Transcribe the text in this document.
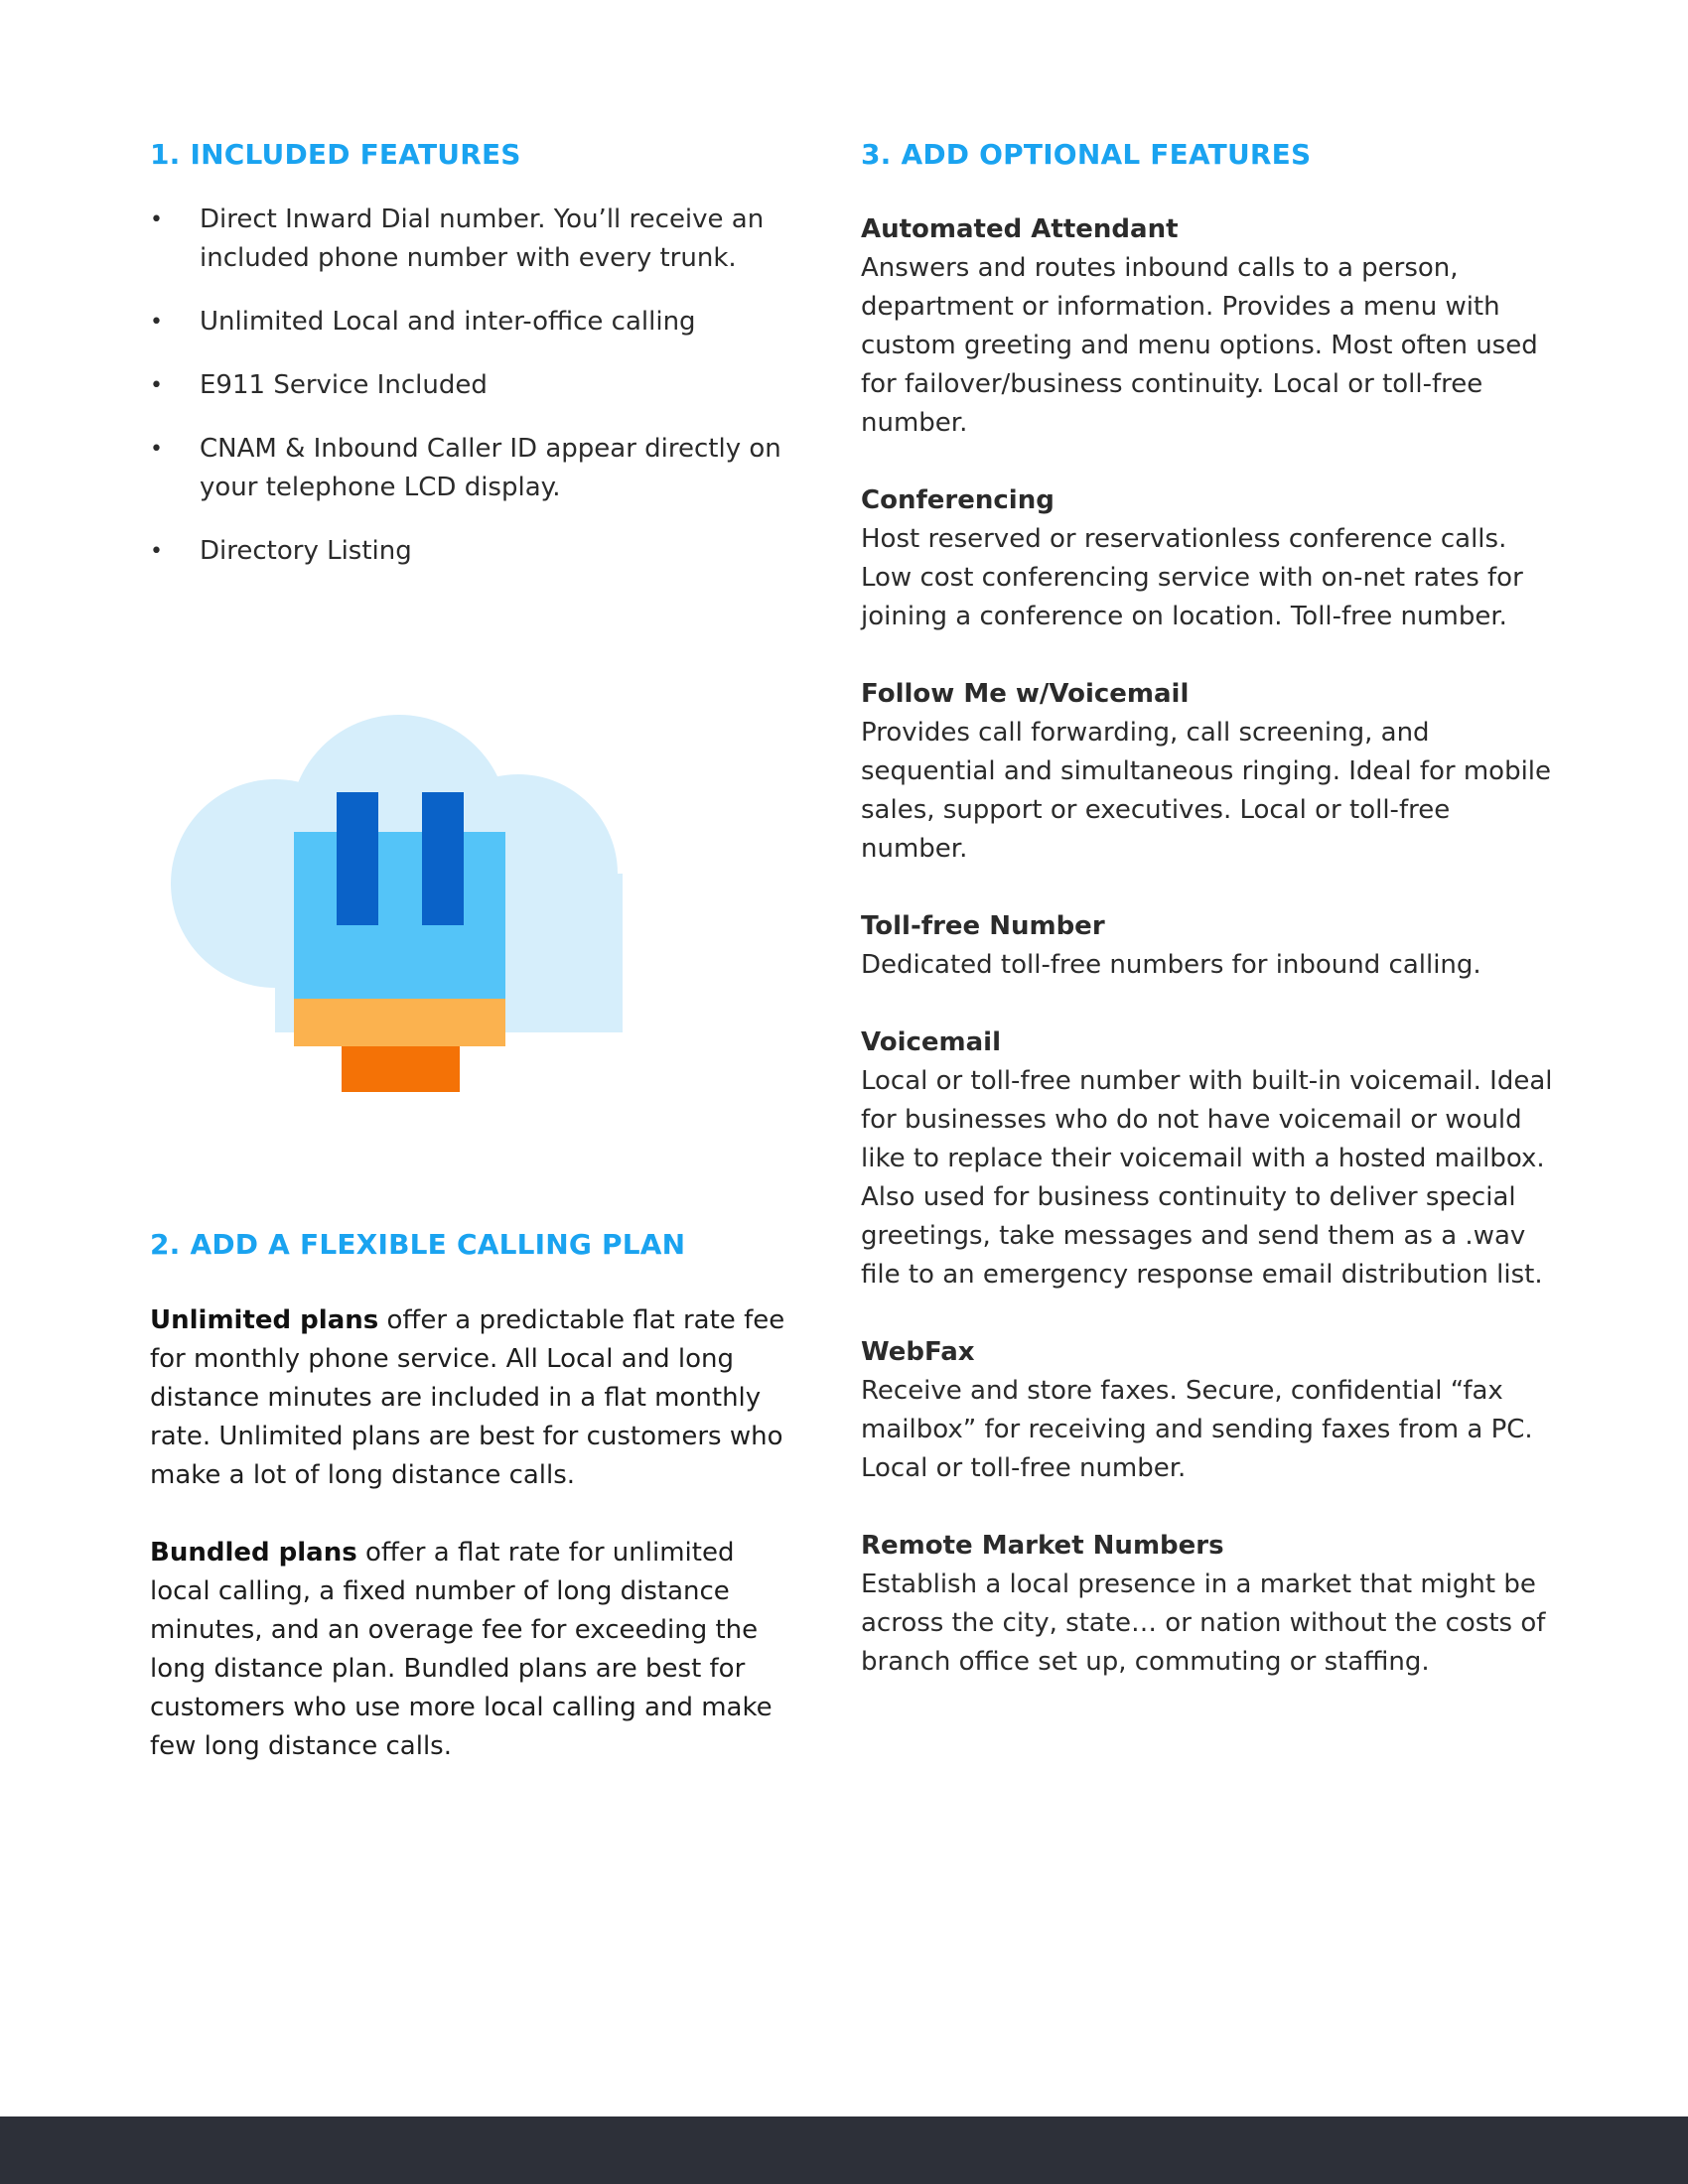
1. INCLUDED FEATURES
• Direct Inward Dial number. You’ll receive an included phone number with every trunk.
• Unlimited Local and inter-office calling
• E911 Service Included
• CNAM & Inbound Caller ID appear directly on your telephone LCD display.
• Directory Listing
2. ADD A FLEXIBLE CALLING PLAN

Unlimited plans offer a predictable flat rate fee for monthly phone service. All Local and long distance minutes are included in a flat monthly rate. Unlimited plans are best for customers who make a lot of long distance calls.

Bundled plans offer a flat rate for unlimited local calling, a fixed number of long distance minutes, and an overage fee for exceeding the long distance plan. Bundled plans are best for customers who use more local calling and make few long distance calls.

3. ADD OPTIONAL FEATURES

Automated Attendant

Answers and routes inbound calls to a person, department or information. Provides a menu with custom greeting and menu options. Most often used for failover/business continuity. Local or toll-free number.

Conferencing

Host reserved or reservationless conference calls. Low cost conferencing service with on-net rates for joining a conference on location. Toll-free number.

Follow Me w/Voicemail

Provides call forwarding, call screening, and sequential and simultaneous ringing. Ideal for mobile sales, support or executives. Local or toll-free number.

Toll-free Number

Dedicated toll-free numbers for inbound calling.

Voicemail

Local or toll-free number with built-in voicemail. Ideal for businesses who do not have voicemail or would like to replace their voicemail with a hosted mailbox. Also used for business continuity to deliver special greetings, take messages and send them as a .wav file to an emergency response email distribution list.

WebFax

Receive and store faxes. Secure, confidential “fax mailbox” for receiving and sending faxes from a PC. Local or toll-free number.

Remote Market Numbers

Establish a local presence in a market that might be across the city, state… or nation without the costs of branch office set up, commuting or staffing.
